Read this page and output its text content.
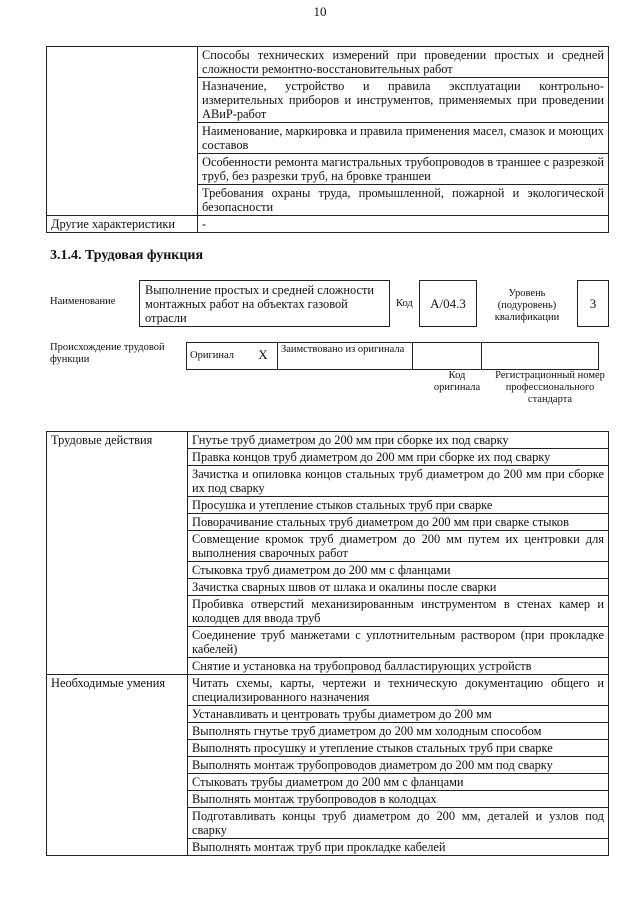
10
	Способы технических измерений при проведении простых и средней сложности ремонтно-восстановительных работ
	Назначение, устройство и правила эксплуатации контрольно-измерительных приборов и инструментов, применяемых при проведении АВиР-работ
	Наименование, маркировка и правила применения масел, смазок и моющих составов
	Особенности ремонта магистральных трубопроводов в траншее с разрезкой труб, без разрезки труб, на бровке траншеи
	Требования охраны труда, промышленной, пожарной и экологической безопасности
Другие характеристики	-
3.1.4. Трудовая функция
Наименование
Выполнение простых и средней сложности монтажных работ на объектах газовой отрасли
Код A/04.3
Уровень (подуровень) квалификации
3
Происхождение трудовой функции	Оригинал	X	Заимствовано из оригинала		
Код оригинала
Регистрационный номер профессионального стандарта
Трудовые действия	Гнутье труб диаметром до 200 мм при сборке их под сварку
	Правка концов труб диаметром до 200 мм при сборке их под сварку
	Зачистка и опиловка концов стальных труб диаметром до 200 мм при сборке их под сварку
	Просушка и утепление стыков стальных труб при сварке
	Поворачивание стальных труб диаметром до 200 мм при сварке стыков
	Совмещение кромок труб диаметром до 200 мм путем их центровки для выполнения сварочных работ
	Стыковка труб диаметром до 200 мм с фланцами
	Зачистка сварных швов от шлака и окалины после сварки
	Пробивка отверстий механизированным инструментом в стенах камер и колодцев для ввода труб
	Соединение труб манжетами с уплотнительным раствором (при прокладке кабелей)
	Снятие и установка на трубопровод балластирующих устройств
Необходимые умения	Читать схемы, карты, чертежи и техническую документацию общего и специализированного назначения
	Устанавливать и центровать трубы диаметром до 200 мм
	Выполнять гнутье труб диаметром до 200 мм холодным способом
	Выполнять просушку и утепление стыков стальных труб при сварке
	Выполнять монтаж трубопроводов диаметром до 200 мм под сварку
	Стыковать трубы диаметром до 200 мм с фланцами
	Выполнять монтаж трубопроводов в колодцах
	Подготавливать концы труб диаметром до 200 мм, деталей и узлов под сварку
	Выполнять монтаж труб при прокладке кабелей
